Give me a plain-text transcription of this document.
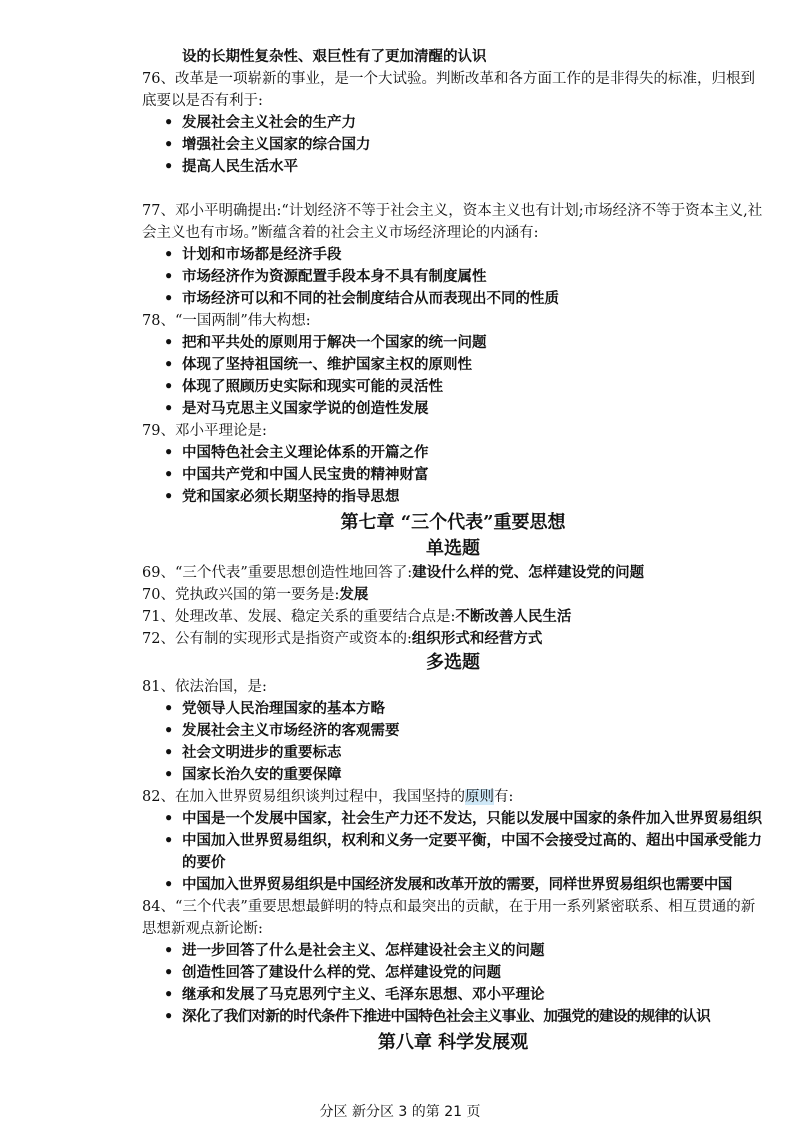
设的长期性复杂性、艰巨性有了更加清醒的认识
76、改革是一项崭新的事业，是一个大试验。判断改革和各方面工作的是非得失的标准，归根到底要以是否有利于:
• 发展社会主义社会的生产力
• 增强社会主义国家的综合国力
• 提高人民生活水平
77、邓小平明确提出:“计划经济不等于社会主义，资本主义也有计划;市场经济不等于资本主义,社会主义也有市场。”断蕴含着的社会主义市场经济理论的内涵有:
• 计划和市场都是经济手段
• 市场经济作为资源配置手段本身不具有制度属性
• 市场经济可以和不同的社会制度结合从而表现出不同的性质
78、“一国两制”伟大构想:
• 把和平共处的原则用于解决一个国家的统一问题
• 体现了坚持祖国统一、维护国家主权的原则性
• 体现了照顾历史实际和现实可能的灵活性
• 是对马克思主义国家学说的创造性发展
79、邓小平理论是:
• 中国特色社会主义理论体系的开篇之作
• 中国共产党和中国人民宝贵的精神财富
• 党和国家必须长期坚持的指导思想
第七章 “三个代表”重要思想
单选题
69、“三个代表”重要思想创造性地回答了:建设什么样的党、怎样建设党的问题
70、党执政兴国的第一要务是:发展
71、处理改革、发展、稳定关系的重要结合点是:不断改善人民生活
72、公有制的实现形式是指资产或资本的:组织形式和经营方式
多选题
81、依法治国，是:
• 党领导人民治理国家的基本方略
• 发展社会主义市场经济的客观需要
• 社会文明进步的重要标志
• 国家长治久安的重要保障
82、在加入世界贸易组织谈判过程中，我国坚持的原则有:
• 中国是一个发展中国家，社会生产力还不发达，只能以发展中国家的条件加入世界贸易组织
• 中国加入世界贸易组织，权利和义务一定要平衡，中国不会接受过高的、超出中国承受能力的要价
• 中国加入世界贸易组织是中国经济发展和改革开放的需要，同样世界贸易组织也需要中国
84、“三个代表”重要思想最鲜明的特点和最突出的贡献，在于用一系列紧密联系、相互贯通的新思想新观点新论断:
• 进一步回答了什么是社会主义、怎样建设社会主义的问题
• 创造性回答了建设什么样的党、怎样建设党的问题
• 继承和发展了马克思列宁主义、毛泽东思想、邓小平理论
• 深化了我们对新的时代条件下推进中国特色社会主义事业、加强党的建设的规律的认识
第八章 科学发展观
分区 新分区 3 的第 21 页
